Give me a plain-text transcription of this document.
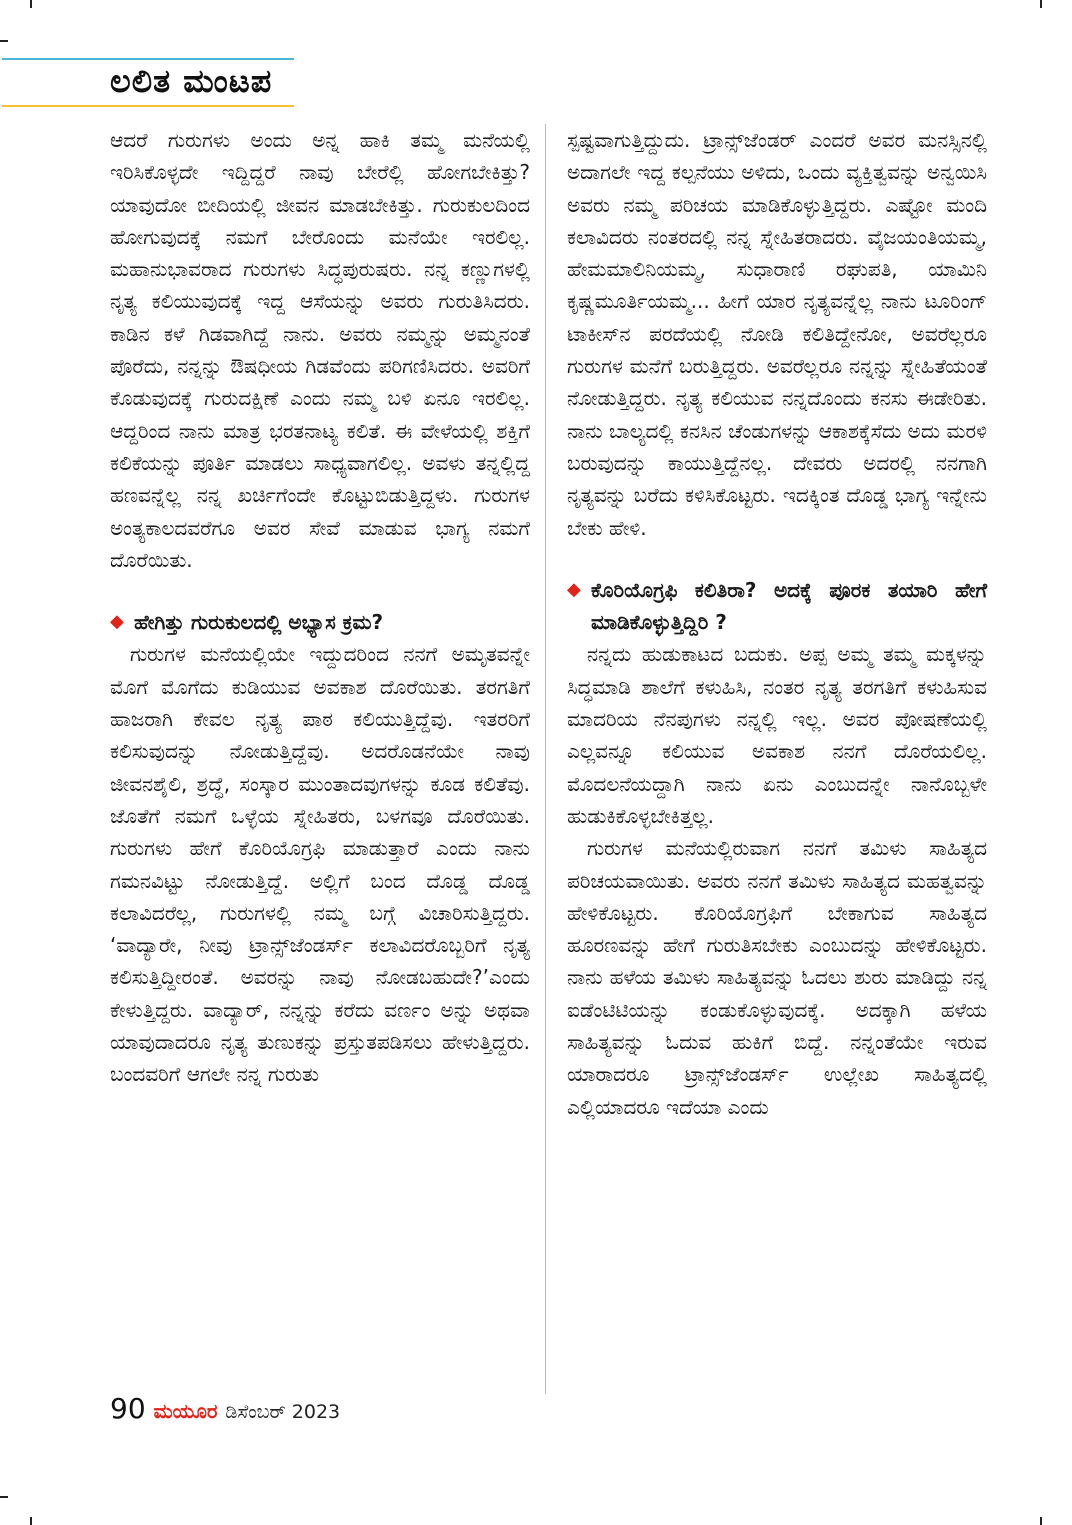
ಲಲಿತ ಮಂಟಪ

ಆದರೆ ಗುರುಗಳು ಅಂದು ಅನ್ನ ಹಾಕಿ ತಮ್ಮ ಮನೆಯಲ್ಲಿ ಇರಿಸಿಕೊಳ್ಳದೇ ಇದ್ದಿದ್ದರೆ ನಾವು ಬೇರೆಲ್ಲಿ ಹೋಗಬೇಕಿತ್ತು? ಯಾವುದೋ ಬೀದಿಯಲ್ಲಿ ಜೀವನ ಮಾಡಬೇಕಿತ್ತು. ಗುರುಕುಲದಿಂದ ಹೋಗುವುದಕ್ಕೆ ನಮಗೆ ಬೇರೊಂದು ಮನೆಯೇ ಇರಲಿಲ್ಲ. ಮಹಾನುಭಾವರಾದ ಗುರುಗಳು ಸಿದ್ಧಪುರುಷರು. ನನ್ನ ಕಣ್ಣುಗಳಲ್ಲಿ ನೃತ್ಯ ಕಲಿಯುವುದಕ್ಕೆ ಇದ್ದ ಆಸೆಯನ್ನು ಅವರು ಗುರುತಿಸಿದರು. ಕಾಡಿನ ಕಳೆ ಗಿಡವಾಗಿದ್ದೆ ನಾನು. ಅವರು ನಮ್ಮನ್ನು ಅಮ್ಮನಂತೆ ಪೊರೆದು, ನನ್ನನ್ನು ಔಷಧೀಯ ಗಿಡವೆಂದು ಪರಿಗಣಿಸಿದರು. ಅವರಿಗೆ ಕೊಡುವುದಕ್ಕೆ ಗುರುದಕ್ಷಿಣೆ ಎಂದು ನಮ್ಮ ಬಳಿ ಏನೂ ಇರಲಿಲ್ಲ. ಆದ್ದರಿಂದ ನಾನು ಮಾತ್ರ ಭರತನಾಟ್ಯ ಕಲಿತೆ. ಈ ವೇಳೆಯಲ್ಲಿ ಶಕ್ತಿಗೆ ಕಲಿಕೆಯನ್ನು ಪೂರ್ತಿ ಮಾಡಲು ಸಾಧ್ಯವಾಗಲಿಲ್ಲ. ಅವಳು ತನ್ನಲ್ಲಿದ್ದ ಹಣವನ್ನೆಲ್ಲ ನನ್ನ ಖರ್ಚಿಗೆಂದೇ ಕೊಟ್ಟುಬಿಡುತ್ತಿದ್ದಳು. ಗುರುಗಳ ಅಂತ್ಯಕಾಲದವರೆಗೂ ಅವರ ಸೇವೆ ಮಾಡುವ ಭಾಗ್ಯ ನಮಗೆ ದೊರೆಯಿತು.

◆ ಹೇಗಿತ್ತು ಗುರುಕುಲದಲ್ಲಿ ಅಭ್ಯಾಸ ಕ್ರಮ?

ಗುರುಗಳ ಮನೆಯಲ್ಲಿಯೇ ಇದ್ದುದರಿಂದ ನನಗೆ ಅಮೃತವನ್ನೇ ಮೊಗೆ ಮೊಗೆದು ಕುಡಿಯುವ ಅವಕಾಶ ದೊರೆಯಿತು. ತರಗತಿಗೆ ಹಾಜರಾಗಿ ಕೇವಲ ನೃತ್ಯ ಪಾಠ ಕಲಿಯುತ್ತಿದ್ದೆವು. ಇತರರಿಗೆ ಕಲಿಸುವುದನ್ನು ನೋಡುತ್ತಿದ್ದೆವು. ಅದರೊಡನೆಯೇ ನಾವು ಜೀವನಶೈಲಿ, ಶ್ರದ್ಧೆ, ಸಂಸ್ಕಾರ ಮುಂತಾದವುಗಳನ್ನು ಕೂಡ ಕಲಿತೆವು. ಜೊತೆಗೆ ನಮಗೆ ಒಳ್ಳೆಯ ಸ್ನೇಹಿತರು, ಬಳಗವೂ ದೊರೆಯಿತು. ಗುರುಗಳು ಹೇಗೆ ಕೊರಿಯೊಗ್ರಫಿ ಮಾಡುತ್ತಾರೆ ಎಂದು ನಾನು ಗಮನವಿಟ್ಟು ನೋಡುತ್ತಿದ್ದೆ. ಅಲ್ಲಿಗೆ ಬಂದ ದೊಡ್ಡ ದೊಡ್ಡ ಕಲಾವಿದರೆಲ್ಲ, ಗುರುಗಳಲ್ಲಿ ನಮ್ಮ ಬಗ್ಗೆ ವಿಚಾರಿಸುತ್ತಿದ್ದರು. ‘ವಾದ್ಯಾರೇ, ನೀವು ಟ್ರಾನ್ಸ್‌ಜೆಂಡರ್ಸ್ ಕಲಾವಿದರೊಬ್ಬರಿಗೆ ನೃತ್ಯ ಕಲಿಸುತ್ತಿದ್ದೀರಂತೆ. ಅವರನ್ನು ನಾವು ನೋಡಬಹುದೇ?’ಎಂದು ಕೇಳುತ್ತಿದ್ದರು. ವಾದ್ಯಾರ್, ನನ್ನನ್ನು ಕರೆದು ವರ್ಣಂ ಅನ್ನು ಅಥವಾ ಯಾವುದಾದರೂ ನೃತ್ಯ ತುಣುಕನ್ನು ಪ್ರಸ್ತುತಪಡಿಸಲು ಹೇಳುತ್ತಿದ್ದರು. ಬಂದವರಿಗೆ ಆಗಲೇ ನನ್ನ ಗುರುತು

ಸ್ಪಷ್ಟವಾಗುತ್ತಿದ್ದುದು. ಟ್ರಾನ್ಸ್‌ಜೆಂಡರ್ ಎಂದರೆ ಅವರ ಮನಸ್ಸಿನಲ್ಲಿ ಅದಾಗಲೇ ಇದ್ದ ಕಲ್ಪನೆಯು ಅಳಿದು, ಒಂದು ವ್ಯಕ್ತಿತ್ವವನ್ನು ಅನ್ವಯಿಸಿ ಅವರು ನಮ್ಮ ಪರಿಚಯ ಮಾಡಿಕೊಳ್ಳುತ್ತಿದ್ದರು. ಎಷ್ಟೋ ಮಂದಿ ಕಲಾವಿದರು ನಂತರದಲ್ಲಿ ನನ್ನ ಸ್ನೇಹಿತರಾದರು. ವೈಜಯಂತಿಯಮ್ಮ, ಹೇಮಮಾಲಿನಿಯಮ್ಮ, ಸುಧಾರಾಣಿ ರಘುಪತಿ, ಯಾಮಿನಿ ಕೃಷ್ಣಮೂರ್ತಿಯಮ್ಮ... ಹೀಗೆ ಯಾರ ನೃತ್ಯವನ್ನೆಲ್ಲ ನಾನು ಟೂರಿಂಗ್ ಟಾಕೀಸ್‌ನ ಪರದೆಯಲ್ಲಿ ನೋಡಿ ಕಲಿತಿದ್ದೇನೋ, ಅವರೆಲ್ಲರೂ ಗುರುಗಳ ಮನೆಗೆ ಬರುತ್ತಿದ್ದರು. ಅವರೆಲ್ಲರೂ ನನ್ನನ್ನು ಸ್ನೇಹಿತೆಯಂತೆ ನೋಡುತ್ತಿದ್ದರು. ನೃತ್ಯ ಕಲಿಯುವ ನನ್ನದೊಂದು ಕನಸು ಈಡೇರಿತು. ನಾನು ಬಾಲ್ಯದಲ್ಲಿ ಕನಸಿನ ಚೆಂಡುಗಳನ್ನು ಆಕಾಶಕ್ಕೆಸೆದು ಅದು ಮರಳಿ ಬರುವುದನ್ನು ಕಾಯುತ್ತಿದ್ದೆನಲ್ಲ. ದೇವರು ಅದರಲ್ಲಿ ನನಗಾಗಿ ನೃತ್ಯವನ್ನು ಬರೆದು ಕಳಿಸಿಕೊಟ್ಟರು. ಇದಕ್ಕಿಂತ ದೊಡ್ಡ ಭಾಗ್ಯ ಇನ್ನೇನು ಬೇಕು ಹೇಳಿ.

◆ ಕೊರಿಯೊಗ್ರಫಿ ಕಲಿತಿರಾ? ಅದಕ್ಕೆ ಪೂರಕ ತಯಾರಿ ಹೇಗೆ ಮಾಡಿಕೊಳ್ಳುತ್ತಿದ್ದಿರಿ ?

ನನ್ನದು ಹುಡುಕಾಟದ ಬದುಕು. ಅಪ್ಪ ಅಮ್ಮ ತಮ್ಮ ಮಕ್ಕಳನ್ನು ಸಿದ್ಧಮಾಡಿ ಶಾಲೆಗೆ ಕಳುಹಿಸಿ, ನಂತರ ನೃತ್ಯ ತರಗತಿಗೆ ಕಳುಹಿಸುವ ಮಾದರಿಯ ನೆನಪುಗಳು ನನ್ನಲ್ಲಿ ಇಲ್ಲ. ಅವರ ಪೋಷಣೆಯಲ್ಲಿ ಎಲ್ಲವನ್ನೂ ಕಲಿಯುವ ಅವಕಾಶ ನನಗೆ ದೊರೆಯಲಿಲ್ಲ. ಮೊದಲನೆಯದ್ದಾಗಿ ನಾನು ಏನು ಎಂಬುದನ್ನೇ ನಾನೊಬ್ಬಳೇ ಹುಡುಕಿಕೊಳ್ಳಬೇಕಿತ್ತಲ್ಲ.

ಗುರುಗಳ ಮನೆಯಲ್ಲಿರುವಾಗ ನನಗೆ ತಮಿಳು ಸಾಹಿತ್ಯದ ಪರಿಚಯವಾಯಿತು. ಅವರು ನನಗೆ ತಮಿಳು ಸಾಹಿತ್ಯದ ಮಹತ್ವವನ್ನು ಹೇಳಿಕೊಟ್ಟರು. ಕೊರಿಯೊಗ್ರಫಿಗೆ ಬೇಕಾಗುವ ಸಾಹಿತ್ಯದ ಹೂರಣವನ್ನು ಹೇಗೆ ಗುರುತಿಸಬೇಕು ಎಂಬುದನ್ನು ಹೇಳಿಕೊಟ್ಟರು. ನಾನು ಹಳೆಯ ತಮಿಳು ಸಾಹಿತ್ಯವನ್ನು ಓದಲು ಶುರು ಮಾಡಿದ್ದು ನನ್ನ ಐಡೆಂಟಿಟಿಯನ್ನು ಕಂಡುಕೊಳ್ಳುವುದಕ್ಕೆ. ಅದಕ್ಕಾಗಿ ಹಳೆಯ ಸಾಹಿತ್ಯವನ್ನು ಓದುವ ಹುಕಿಗೆ ಬಿದ್ದೆ. ನನ್ನಂತೆಯೇ ಇರುವ ಯಾರಾದರೂ ಟ್ರಾನ್ಸ್‌ಜೆಂಡರ್ಸ್ ಉಲ್ಲೇಖ ಸಾಹಿತ್ಯದಲ್ಲಿ ಎಲ್ಲಿಯಾದರೂ ಇದೆಯಾ ಎಂದು

90 ಮಯೂರ ಡಿಸೆಂಬರ್ 2023
